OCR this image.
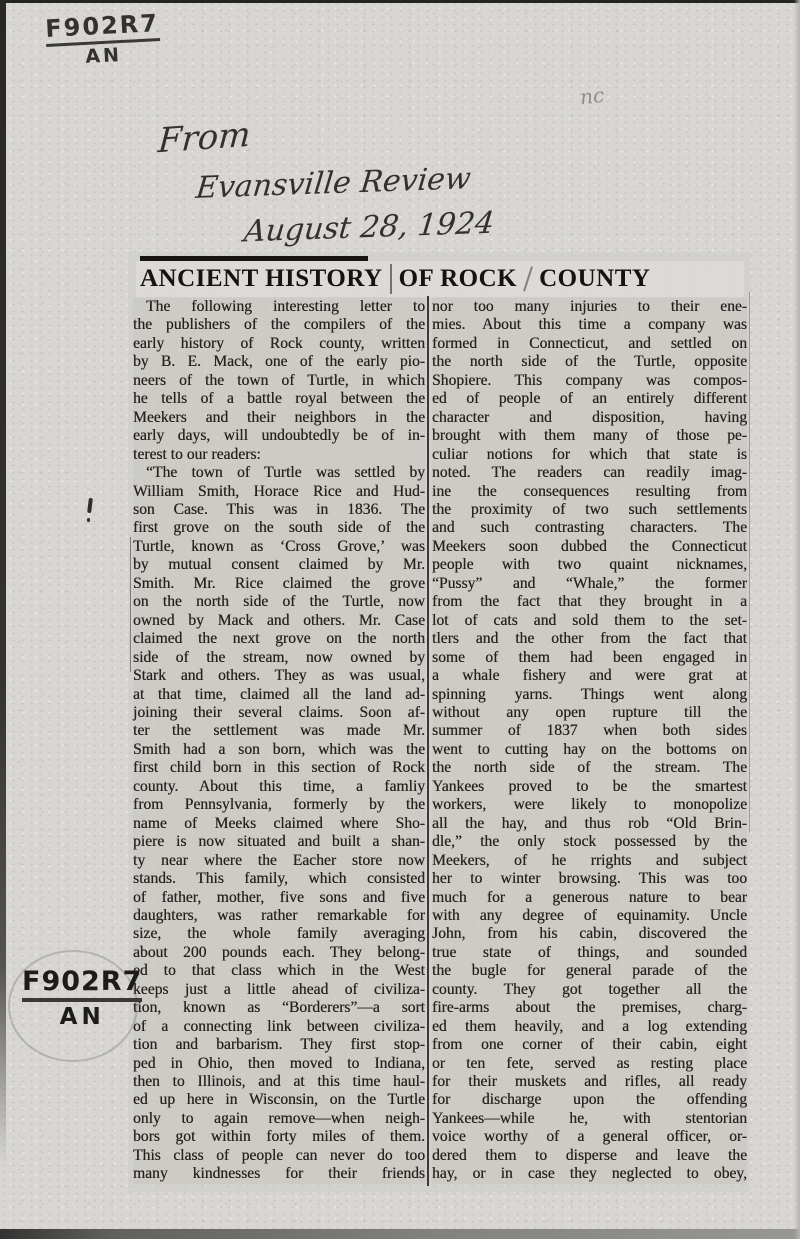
F902R7
AN
nc
From
Evansville Review
August 28, 1924
ANCIENT HISTORY OF ROCK COUNTY
The following interesting letter to
the publishers of the compilers of the
early history of Rock county, written
by B. E. Mack, one of the early pio-
neers of the town of Turtle, in which
he tells of a battle royal between the
Meekers and their neighbors in the
early days, will undoubtedly be of in-
terest to our readers:
“The town of Turtle was settled by
William Smith, Horace Rice and Hud-
son Case. This was in 1836. The
first grove on the south side of the
Turtle, known as ‘Cross Grove,’ was
by mutual consent claimed by Mr.
Smith. Mr. Rice claimed the grove
on the north side of the Turtle, now
owned by Mack and others. Mr. Case
claimed the next grove on the north
side of the stream, now owned by
Stark and others. They as was usual,
at that time, claimed all the land ad-
joining their several claims. Soon af-
ter the settlement was made Mr.
Smith had a son born, which was the
first child born in this section of Rock
county. About this time, a famliy
from Pennsylvania, formerly by the
name of Meeks claimed where Sho-
piere is now situated and built a shan-
ty near where the Eacher store now
stands. This family, which consisted
of father, mother, five sons and five
daughters, was rather remarkable for
size, the whole family averaging
about 200 pounds each. They belong-
ed to that class which in the West
keeps just a little ahead of civiliza-
tion, known as “Borderers”—a sort
of a connecting link between civiliza-
tion and barbarism. They first stop-
ped in Ohio, then moved to Indiana,
then to Illinois, and at this time haul-
ed up here in Wisconsin, on the Turtle
only to again remove—when neigh-
bors got within forty miles of them.
This class of people can never do too
many kindnesses for their friends
nor too many injuries to their ene-
mies. About this time a company was
formed in Connecticut, and settled on
the north side of the Turtle, opposite
Shopiere. This company was compos-
ed of people of an entirely different
character and disposition, having
brought with them many of those pe-
culiar notions for which that state is
noted. The readers can readily imag-
ine the consequences resulting from
the proximity of two such settlements
and such contrasting characters. The
Meekers soon dubbed the Connecticut
people with two quaint nicknames,
“Pussy” and “Whale,” the former
from the fact that they brought in a
lot of cats and sold them to the set-
tlers and the other from the fact that
some of them had been engaged in
a whale fishery and were grat at
spinning yarns. Things went along
without any open rupture till the
summer of 1837 when both sides
went to cutting hay on the bottoms on
the north side of the stream. The
Yankees proved to be the smartest
workers, were likely to monopolize
all the hay, and thus rob “Old Brin-
dle,” the only stock possessed by the
Meekers, of he rrights and subject
her to winter browsing. This was too
much for a generous nature to bear
with any degree of equinamity. Uncle
John, from his cabin, discovered the
true state of things, and sounded
the bugle for general parade of the
county. They got together all the
fire-arms about the premises, charg-
ed them heavily, and a log extending
from one corner of their cabin, eight
or ten fete, served as resting place
for their muskets and rifles, all ready
for discharge upon the offending
Yankees—while he, with stentorian
voice worthy of a general officer, or-
dered them to disperse and leave the
hay, or in case they neglected to obey,
F902R7
AN
